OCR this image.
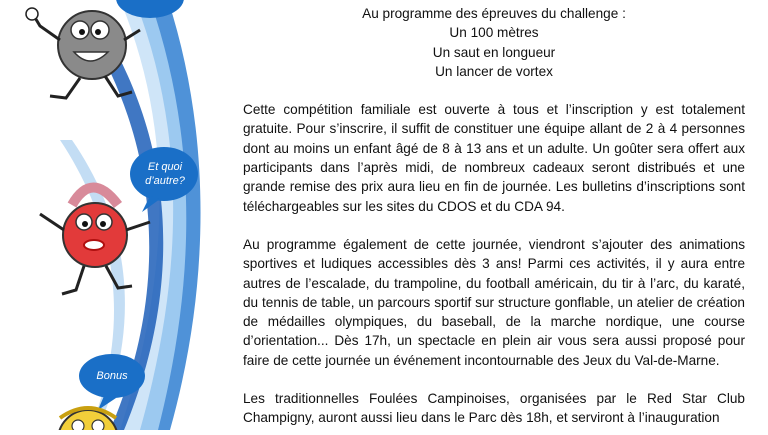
Et quoi
d’autre?
Bonus
Au programme des épreuves du challenge :
Un 100 mètres
Un saut en longueur
Un lancer de vortex

Cette compétition familiale est ouverte à tous et l’inscription y est totalement gratuite. Pour s’inscrire, il suffit de constituer une équipe allant de 2 à 4 personnes dont au moins un enfant âgé de 8 à 13 ans et un adulte. Un goûter sera offert aux participants dans l’après midi, de nombreux cadeaux seront distribués et une grande remise des prix aura lieu en fin de journée. Les bulletins d’inscriptions sont téléchargeables sur les sites du CDOS et du CDA 94.

Au programme également de cette journée, viendront s’ajouter des animations sportives et ludiques accessibles dès 3 ans! Parmi ces activités, il y aura entre autres de l’escalade, du trampoline, du football américain, du tir à l’arc, du karaté, du tennis de table, un parcours sportif sur structure gonflable, un atelier de création de médailles olympiques, du baseball, de la marche nordique, une course d’orientation... Dès 17h, un spectacle en plein air vous sera aussi proposé pour faire de cette journée un événement incontournable des Jeux du Val-de-Marne.

Les traditionnelles Foulées Campinoises, organisées par le Red Star Club Champigny, auront aussi lieu dans le Parc dès 18h, et serviront à l’inauguration
